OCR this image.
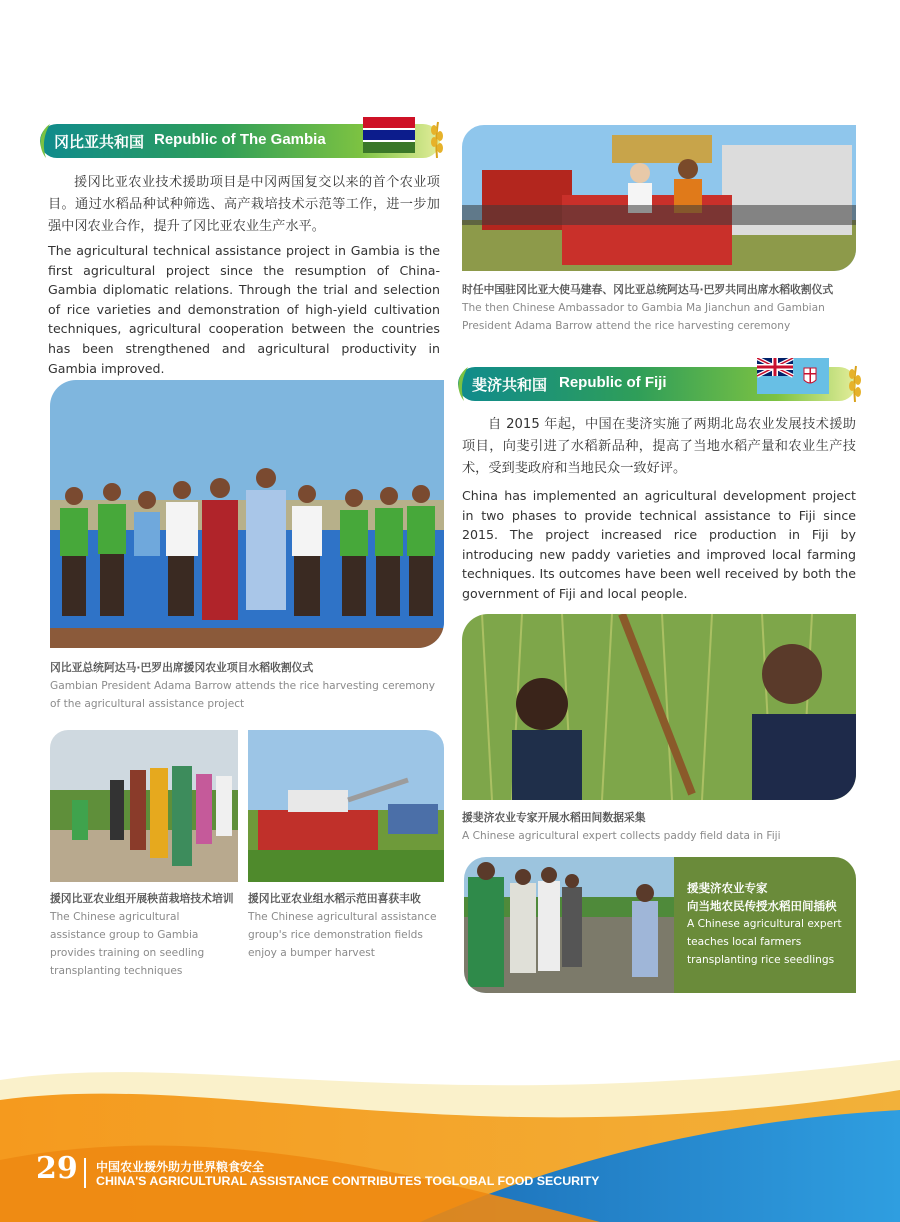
冈比亚共和国 Republic of The Gambia
援冈比亚农业技术援助项目是中冈两国复交以来的首个农业项目。通过水稻品种试种筛选、高产栽培技术示范等工作，进一步加强中冈农业合作，提升了冈比亚农业生产水平。
The agricultural technical assistance project in Gambia is the first agricultural project since the resumption of China-Gambia diplomatic relations. Through the trial and selection of rice varieties and demonstration of high-yield cultivation techniques, agricultural cooperation between the countries has been strengthened and agricultural productivity in Gambia improved.
时任中国驻冈比亚大使马建春、冈比亚总统阿达马·巴罗共同出席水稻收割仪式
The then Chinese Ambassador to Gambia Ma Jianchun and Gambian President Adama Barrow attend the rice harvesting ceremony
冈比亚总统阿达马·巴罗出席援冈农业项目水稻收割仪式
Gambian President Adama Barrow attends the rice harvesting ceremony of the agricultural assistance project
援冈比亚农业组开展秧苗栽培技术培训
The Chinese agricultural assistance group to Gambia provides training on seedling transplanting techniques
援冈比亚农业组水稻示范田喜获丰收
The Chinese agricultural assistance group's rice demonstration fields enjoy a bumper harvest
斐济共和国 Republic of Fiji
自 2015 年起，中国在斐济实施了两期北岛农业发展技术援助项目，向斐引进了水稻新品种，提高了当地水稻产量和农业生产技术，受到斐政府和当地民众一致好评。
China has implemented an agricultural development project in two phases to provide technical assistance to Fiji since 2015. The project increased rice production in Fiji by introducing new paddy varieties and improved local farming techniques. Its outcomes have been well received by both the government of Fiji and local people.
援斐济农业专家开展水稻田间数据采集
A Chinese agricultural expert collects paddy field data in Fiji
援斐济农业专家
向当地农民传授水稻田间插秧
A Chinese agricultural expert teaches local farmers transplanting rice seedlings
29 中国农业援外助力世界粮食安全
CHINA'S AGRICULTURAL ASSISTANCE CONTRIBUTES TOGLOBAL FOOD SECURITY
